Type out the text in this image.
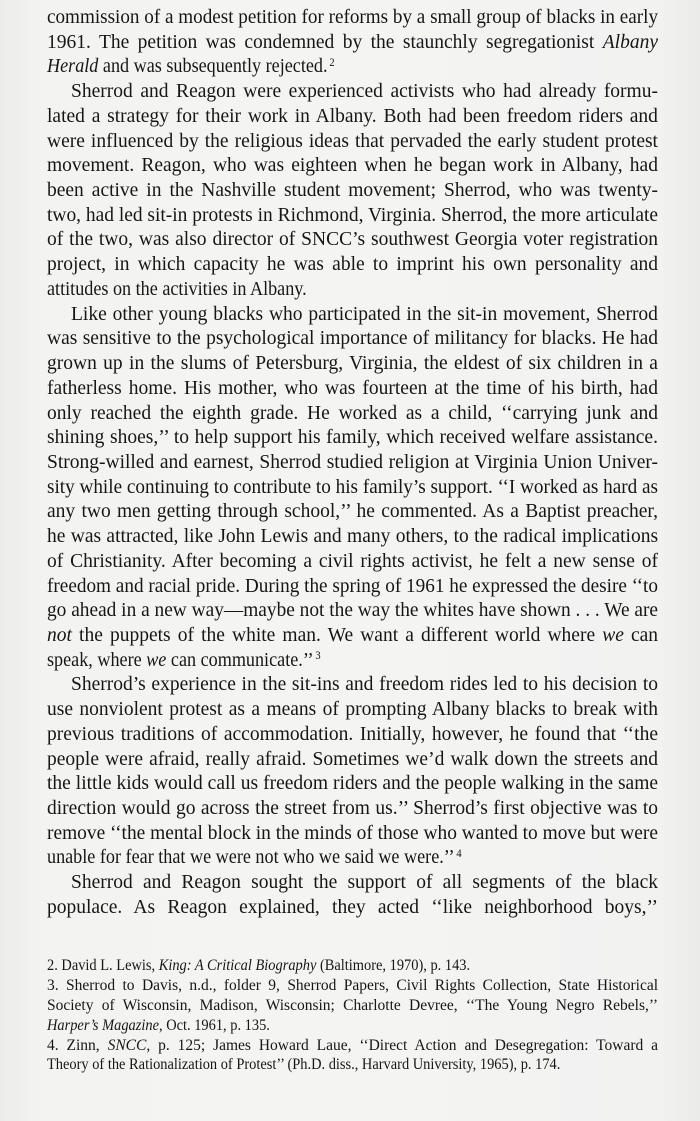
commission of a modest petition for reforms by a small group of blacks in early
1961. The petition was condemned by the staunchly segregationist Albany
Herald and was subsequently rejected. $^2$
Sherrod and Reagon were experienced activists who had already formu-
lated a strategy for their work in Albany. Both had been freedom riders and
were influenced by the religious ideas that pervaded the early student protest
movement. Reagon, who was eighteen when he began work in Albany, had
been active in the Nashville student movement; Sherrod, who was twenty-
two, had led sit-in protests in Richmond, Virginia. Sherrod, the more articulate
of the two, was also director of SNCC’s southwest Georgia voter registration
project, in which capacity he was able to imprint his own personality and
attitudes on the activities in Albany.
Like other young blacks who participated in the sit-in movement, Sherrod
was sensitive to the psychological importance of militancy for blacks. He had
grown up in the slums of Petersburg, Virginia, the eldest of six children in a
fatherless home. His mother, who was fourteen at the time of his birth, had
only reached the eighth grade. He worked as a child, ‘‘carrying junk and
shining shoes,’’ to help support his family, which received welfare assistance.
Strong-willed and earnest, Sherrod studied religion at Virginia Union Univer-
sity while continuing to contribute to his family’s support. ‘‘I worked as hard as
any two men getting through school,’’ he commented. As a Baptist preacher,
he was attracted, like John Lewis and many others, to the radical implications
of Christianity. After becoming a civil rights activist, he felt a new sense of
freedom and racial pride. During the spring of 1961 he expressed the desire ‘‘to
go ahead in a new way—maybe not the way the whites have shown . . . We are
not the puppets of the white man. We want a different world where we can
speak, where we can communicate.’’ $^3$
Sherrod’s experience in the sit-ins and freedom rides led to his decision to
use nonviolent protest as a means of prompting Albany blacks to break with
previous traditions of accommodation. Initially, however, he found that ‘‘the
people were afraid, really afraid. Sometimes we’d walk down the streets and
the little kids would call us freedom riders and the people walking in the same
direction would go across the street from us.’’ Sherrod’s first objective was to
remove ‘‘the mental block in the minds of those who wanted to move but were
unable for fear that we were not who we said we were.’’ $^4$
Sherrod and Reagon sought the support of all segments of the black
populace. As Reagon explained, they acted ‘‘like neighborhood boys,’’
2. David L. Lewis, King: A Critical Biography (Baltimore, 1970), p. 143.
3. Sherrod to Davis, n.d., folder 9, Sherrod Papers, Civil Rights Collection, State Historical
Society of Wisconsin, Madison, Wisconsin; Charlotte Devree, ‘‘The Young Negro Rebels,’’
Harper’s Magazine, Oct. 1961, p. 135.
4. Zinn, SNCC, p. 125; James Howard Laue, ‘‘Direct Action and Desegregation: Toward a
Theory of the Rationalization of Protest’’ (Ph.D. diss., Harvard University, 1965), p. 174.
